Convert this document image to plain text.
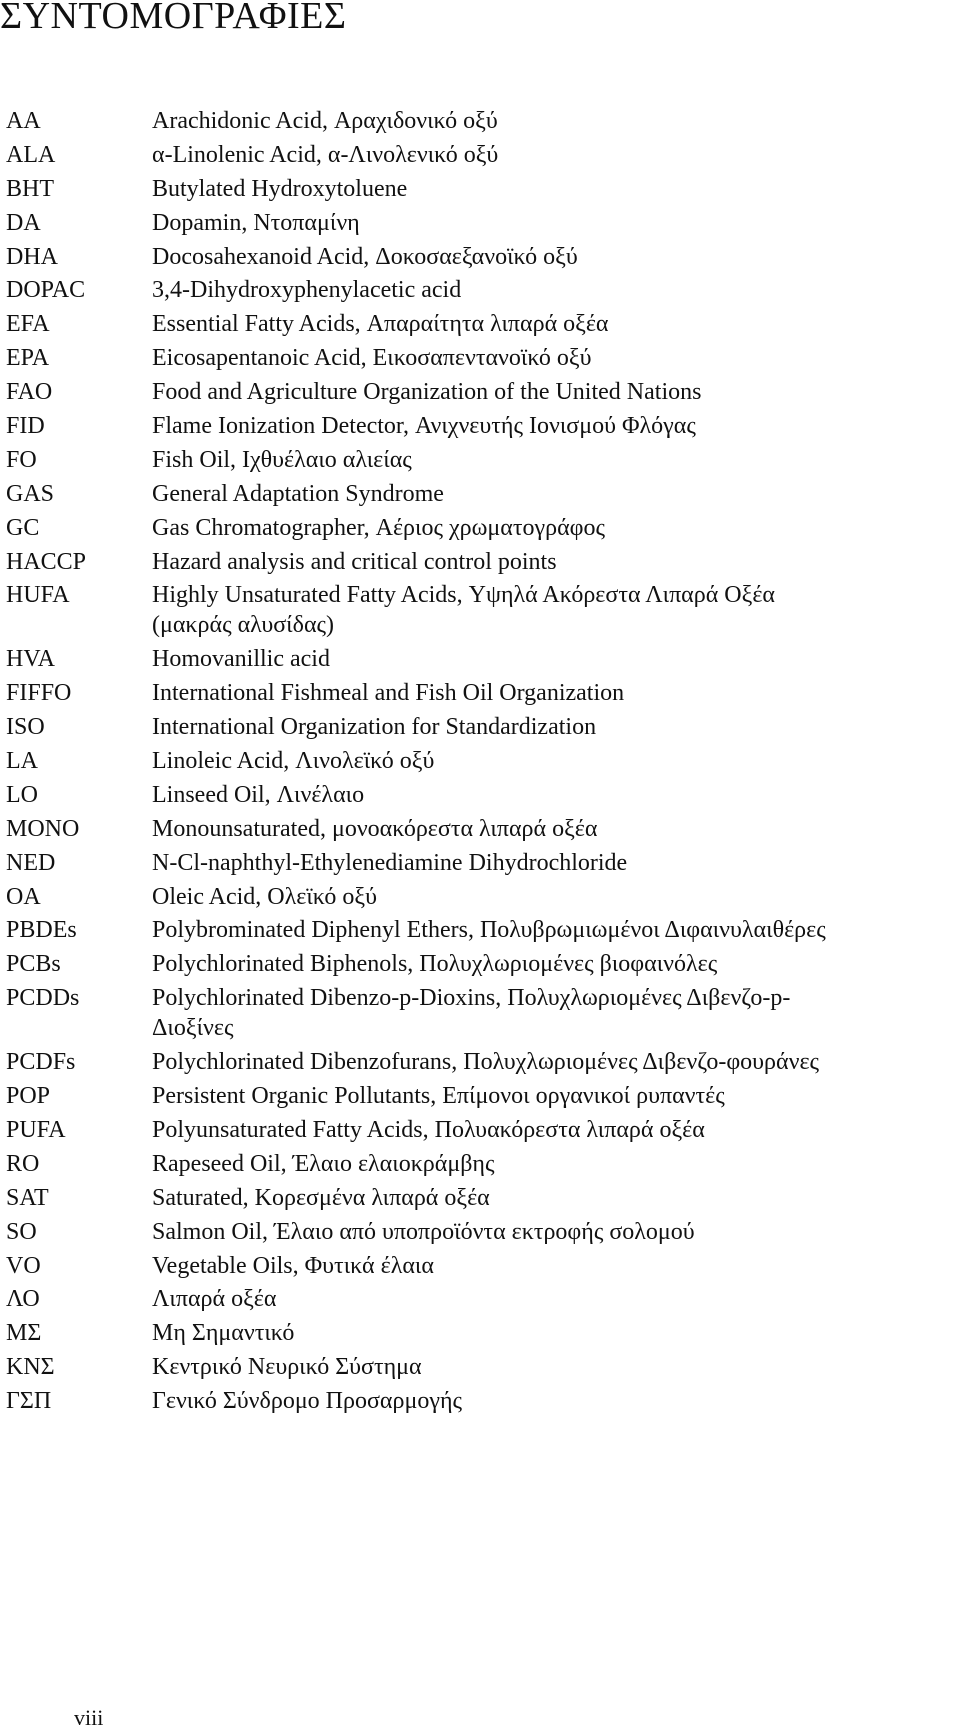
ΣΥΝΤΟΜΟΓΡΑΦΙΕΣ
AA	Arachidonic Acid, Αραχιδονικό οξύ
ALA	α-Linolenic Acid, α-Λινολενικό οξύ
BHT	Butylated Hydroxytoluene
DA	Dopamin, Ντοπαμίνη
DHA	Docosahexanoid Acid, Δοκοσαεξανοϊκό οξύ
DOPAC	3,4-Dihydroxyphenylacetic acid
EFA	Essential Fatty Acids, Απαραίτητα λιπαρά οξέα
EPA	Eicosapentanoic Acid, Εικοσαπεντανοϊκό οξύ
FAO	Food and Agriculture Organization of the United Nations
FID	Flame Ionization Detector, Ανιχνευτής Ιονισμού Φλόγας
FO	Fish Oil, Ιχθυέλαιο αλιείας
GAS	General Adaptation Syndrome
GC	Gas Chromatographer, Αέριος χρωματογράφος
HACCP	Hazard analysis and critical control points
HUFA	Highly Unsaturated Fatty Acids, Υψηλά Ακόρεστα Λιπαρά Οξέα
(μακράς αλυσίδας)
HVA	Homovanillic acid
FIFFO	International Fishmeal and Fish Oil Organization
ISO	International Organization for Standardization
LA	Linoleic Acid, Λινολεϊκό οξύ
LO	Linseed Oil, Λινέλαιο
MONO	Monounsaturated, μονοακόρεστα λιπαρά οξέα
NED	N-Cl-naphthyl-Ethylenediamine Dihydrochloride
OA	Oleic Acid, Ολεϊκό οξύ
PBDEs	Polybrominated Diphenyl Ethers, Πολυβρωμιωμένοι Διφαινυλαιθέρες
PCBs	Polychlorinated Biphenols, Πολυχλωριομένες βιοφαινόλες
PCDDs	Polychlorinated Dibenzo-p-Dioxins, Πολυχλωριομένες Διβενζο-p-
Διοξίνες
PCDFs	Polychlorinated Dibenzofurans, Πολυχλωριομένες Διβενζο-φουράνες
POP	Persistent Organic Pollutants, Επίμονοι οργανικοί ρυπαντές
PUFA	Polyunsaturated Fatty Acids, Πολυακόρεστα λιπαρά οξέα
RO	Rapeseed Oil, Έλαιο ελαιοκράμβης
SAT	Saturated, Κορεσμένα λιπαρά οξέα
SO	Salmon Oil, Έλαιο από υποπροϊόντα εκτροφής σολομού
VO	Vegetable Oils, Φυτικά έλαια
ΛΟ	Λιπαρά οξέα
ΜΣ	Μη Σημαντικό
ΚΝΣ	Κεντρικό Νευρικό Σύστημα
ΓΣΠ	Γενικό Σύνδρομο Προσαρμογής
viii
